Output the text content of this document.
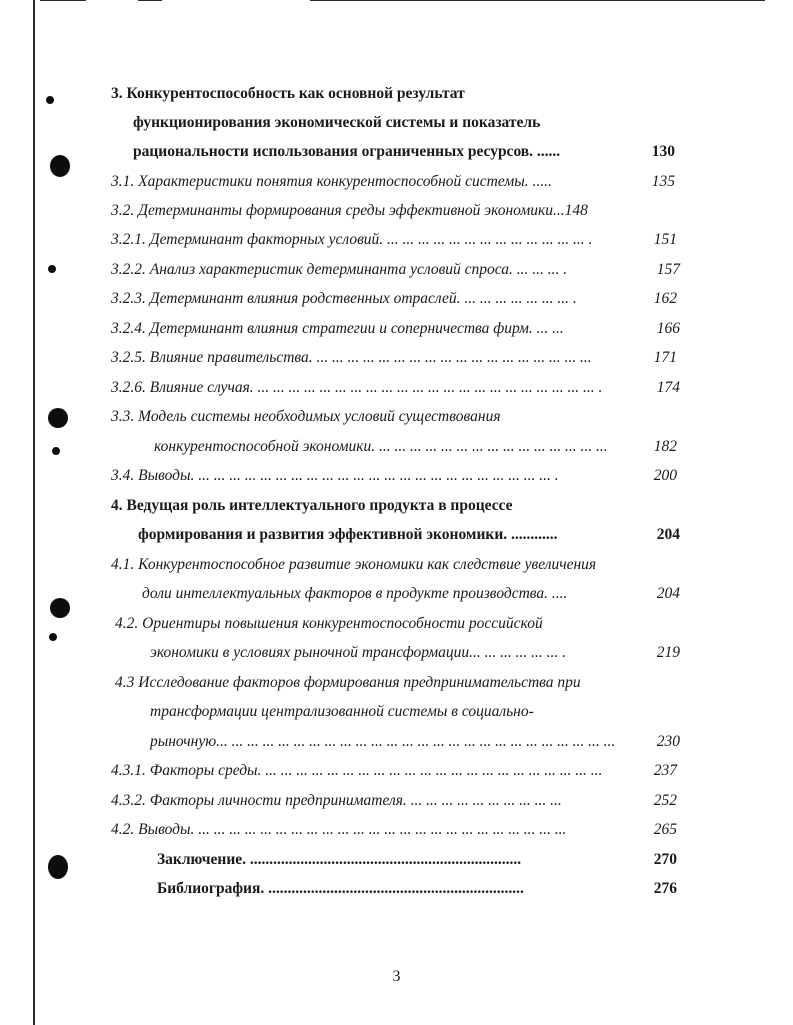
3. Конкурентоспособность как основной результат
функционирования экономической системы и показатель
рациональности использования ограниченных ресурсов. ......	130
3.1. Характеристики понятия конкурентоспособной системы. .....	135
3.2. Детерминанты формирования среды эффективной экономики...148
3.2.1. Детерминант факторных условий. ... ... ... ... ... ... ... ... ... ... ... ... ... .	151
3.2.2. Анализ характеристик детерминанта условий спроса. ... ... ... .	157
3.2.3. Детерминант влияния родственных отраслей. ... ... ... ... ... ... ... .	162
3.2.4. Детерминант влияния стратегии и соперничества фирм. ... ...	166
3.2.5. Влияние правительства. ... ... ... ... ... ... ... ... ... ... ... ... ... ... ... ... ... ...	171
3.2.6. Влияние случая. ... ... ... ... ... ... ... ... ... ... ... ... ... ... ... ... ... ... ... ... ... ... .	174
3.3. Модель системы необходимых условий существования
конкурентоспособной экономики. ... ... ... ... ... ... ... ... ... ... ... ... ... ... ...	182
3.4. Выводы. ... ... ... ... ... ... ... ... ... ... ... ... ... ... ... ... ... ... ... ... ... ... ... .	200
4. Ведущая роль интеллектуального продукта в процессе
формирования и развития эффективной экономики. ............	204
4.1. Конкурентоспособное развитие экономики как следствие увеличения
доли интеллектуальных факторов в продукте производства. ....	204
4.2. Ориентиры повышения конкурентоспособности российской
экономики в условиях рыночной трансформации... ... ... ... ... ... .	219
4.3 Исследование факторов формирования предпринимательства при
трансформации централизованной системы в социально-
рыночную... ... ... ... ... ... ... ... ... ... ... ... ... ... ... ... ... ... ... ... ... ... ... ... ... ...	230
4.3.1. Факторы среды. ... ... ... ... ... ... ... ... ... ... ... ... ... ... ... ... ... ... ... ... ... ...	237
4.3.2. Факторы личности предпринимателя. ... ... ... ... ... ... ... ... ... ...	252
4.2. Выводы. ... ... ... ... ... ... ... ... ... ... ... ... ... ... ... ... ... ... ... ... ... ... ... ...	265
Заключение. ......................................................................	270
Библиография. ..................................................................	276
3
